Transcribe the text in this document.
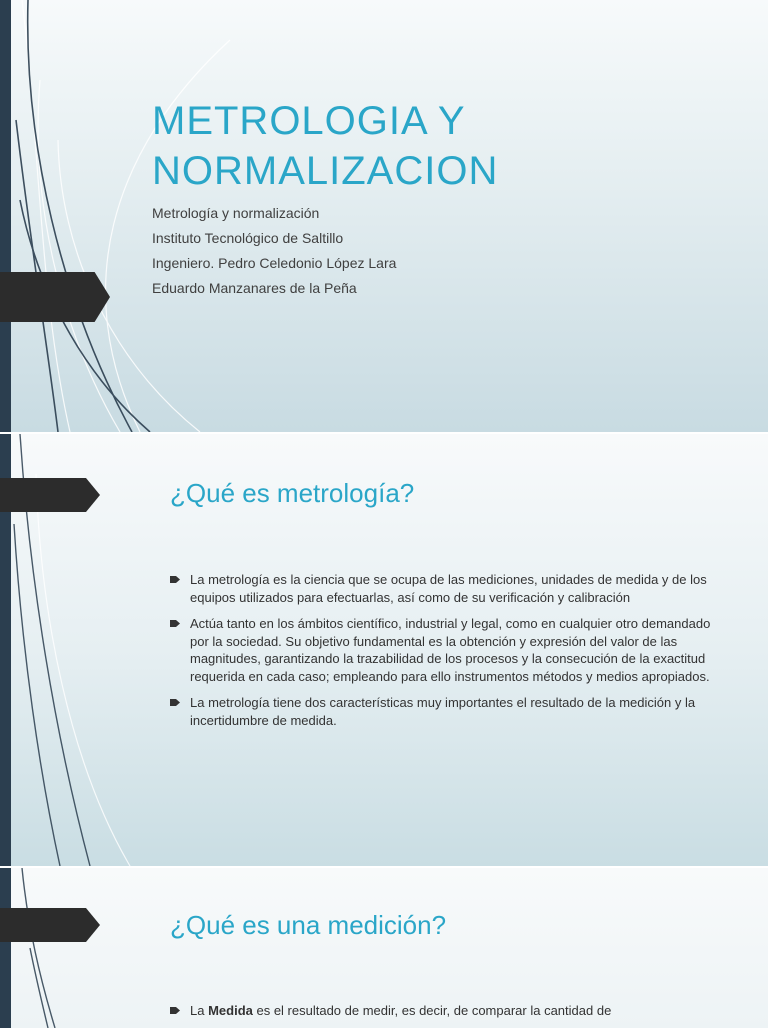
METROLOGIA Y NORMALIZACION
Metrología y normalización
Instituto Tecnológico de Saltillo
Ingeniero. Pedro Celedonio López Lara
Eduardo Manzanares de la Peña
¿Qué es metrología?
La metrología es la ciencia que se ocupa de las mediciones, unidades de medida y de los equipos utilizados para efectuarlas, así como de su verificación y calibración
Actúa tanto en los ámbitos científico, industrial y legal, como en cualquier otro demandado por la sociedad. Su objetivo fundamental es la obtención y expresión del valor de las magnitudes, garantizando la trazabilidad de los procesos y la consecución de la exactitud requerida en cada caso; empleando para ello instrumentos métodos y medios apropiados.
La metrología tiene dos características muy importantes el resultado de la medición y la incertidumbre de medida.
¿Qué es una medición?
La Medida es el resultado de medir, es decir, de comparar la cantidad de
